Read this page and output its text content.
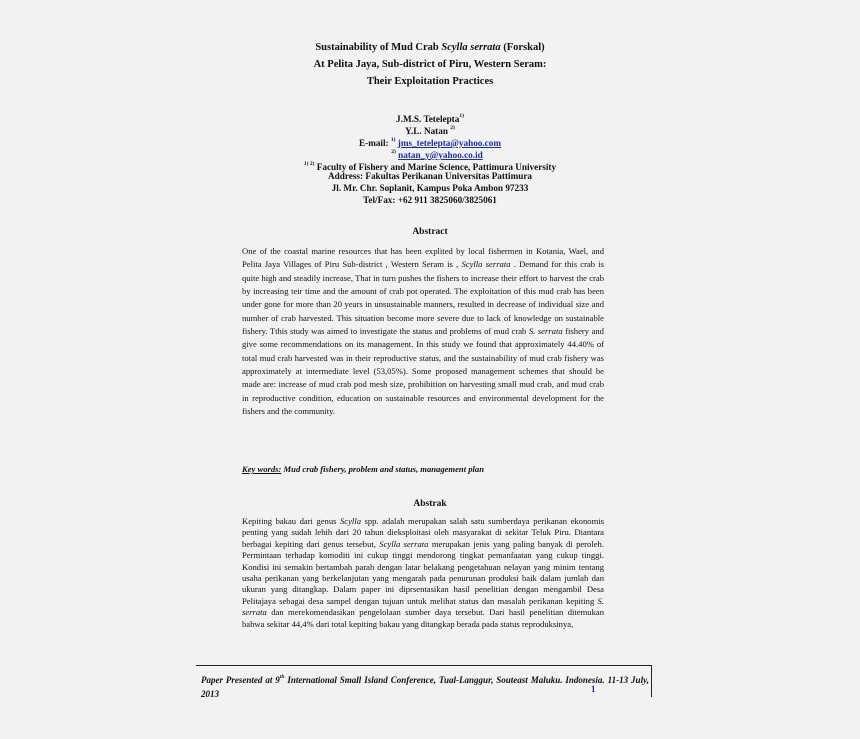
Sustainability of Mud Crab Scylla serrata (Forskal)
At Pelita Jaya, Sub-district of Piru, Western Seram:
Their Exploitation Practices
J.M.S. Tetelepta$^{1)}$
Y.L. Natan $^{2)}$
E-mail: $^{1)}$ jms_tetelepta@yahoo.com
$^{2)}$ natan_y@yahoo.co.id
$^{1) 2)}$ Faculty of Fishery and Marine Science, Pattimura University
Address: Fakultas Perikanan Universitas Pattimura
Jl. Mr. Chr. Soplanit, Kampus Poka Ambon 97233
Tel/Fax: +62 911 3825060/3825061
Abstract
One of the coastal marine resources that has been explited by local fishermen in Kotania, Wael, and Pelita Jaya Villages of Piru Sub-district , Western Seram is , Scylla serrata . Demand for this crab is quite high and steadily increase, That in turn pushes the fishers to increase their effort to harvest the crab by increasing teir time and the amount of crab pot operated. The exploitation of this mud crab has been under gone for more than 20 years in unsustainable manners, resulted in decrease of individual size and number of crab harvested. This situation become more severe due to lack of knowledge on sustainable fishery. Tthis study was aimed to investigate the status and problems of mud crab S. serrata fishery and give some recommendations on its management. In this study we found that approximately 44.40% of total mud crab harvested was in their reproductive status, and the sustainability of mud crab fishery was approximately at intermediate level (53,05%). Some proposed management schemes that should be made are: increase of mud crab pod mesh size, prohibition on harvesting small mud crab, and mud crab in reproductive condition, education on sustainable resources and environmental development for the fishers and the community.
Key words: Mud crab fishery, problem and status, management plan
Abstrak
Kepiting bakau dari genus Scylla spp. adalah merupakan salah satu sumberdaya perikanan ekonomis penting yang sudah lebih dari 20 tahun dieksploitasi oleh masyarakat di sekitar Teluk Piru. Diantara berbagai kepiting dari genus tersebut, Scylla serrata merupakan jenis yang paling banyak di peroleh. Permintaan terhadap komoditi ini cukup tinggi mendorong tingkat pemanfaatan yang cukup tinggi. Kondisi ini semakin bertambah parah dengan latar belakang pengetahuan nelayan yang minim tentang usaha perikanan yang berkelanjutan yang mengarah pada penurunan produksi baik dalam jumlah dan ukuran yang ditangkap. Dalam paper ini diprsentasikan hasil penelitian dengan mengambil Desa Pelitajaya sebagai desa sampel dengan tujuan untuk melihat status dan masalah perikanan kepiting S. serrata dan merekomendasikan pengelolaan sumber daya tersebut. Dari hasil penelitian ditemukan bahwa sekitar 44,4% dari total kepiting bakau yang ditangkap berada pada status reproduksinya,
Paper Presented at 9th International Small Island Conference, Tual-Langgur, Souteast Maluku. Indonesia. 11-13 July, 2013	1
